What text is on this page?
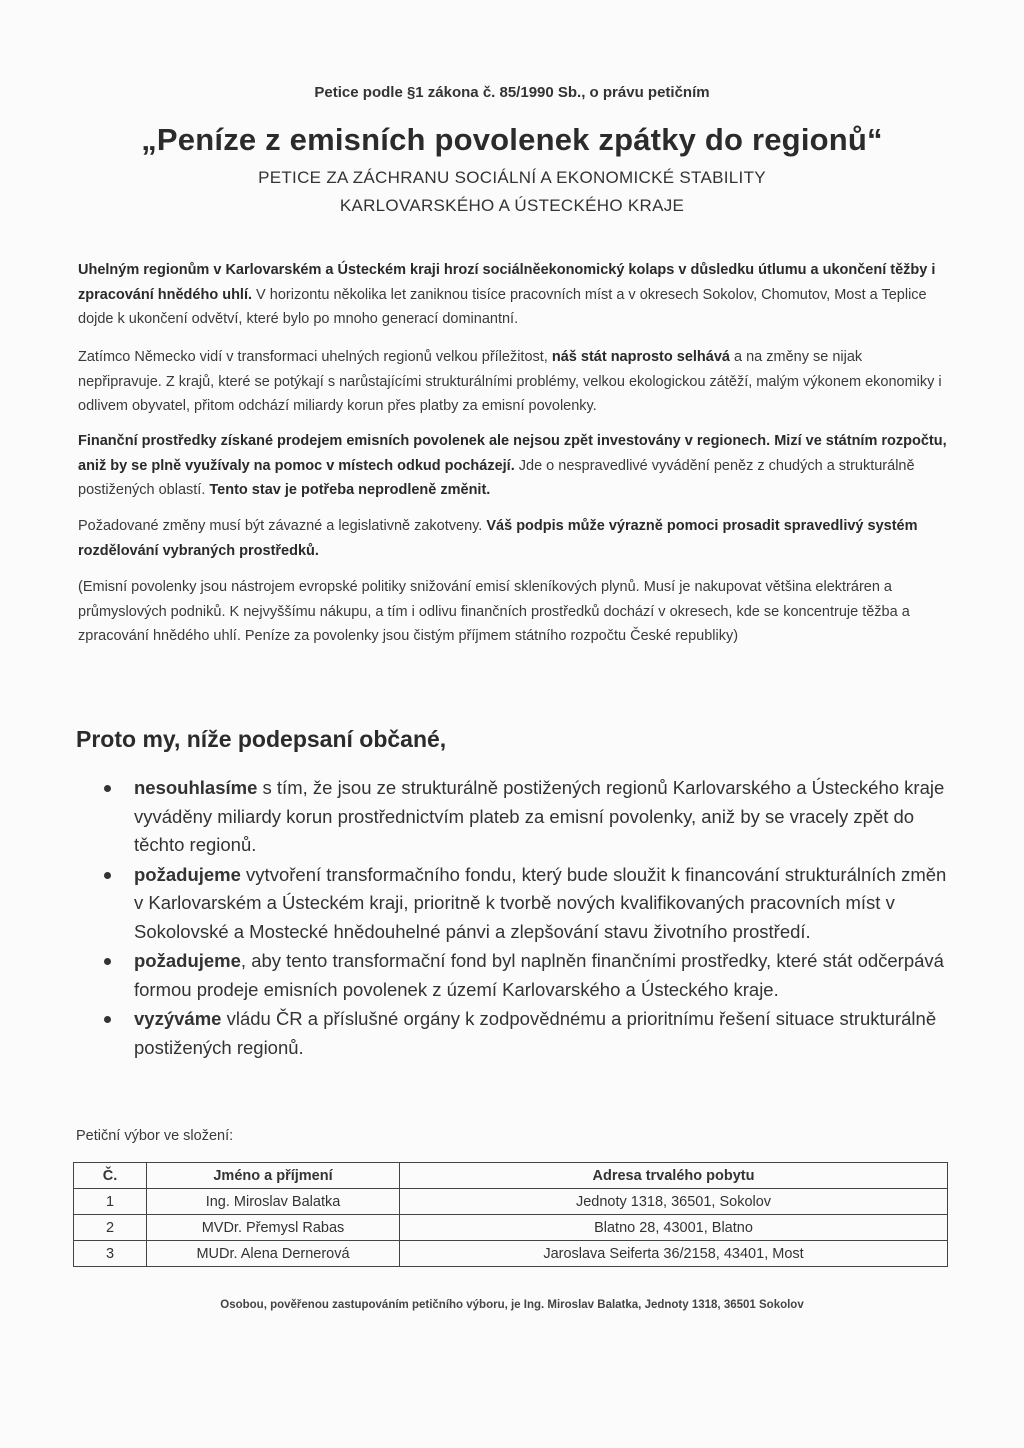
Petice podle §1 zákona č. 85/1990 Sb., o právu petičním
„Peníze z emisních povolenek zpátky do regionů“
PETICE ZA ZÁCHRANU SOCIÁLNÍ A EKONOMICKÉ STABILITY
KARLOVARSKÉHO A ÚSTECKÉHO KRAJE
Uhelným regionům v Karlovarském a Ústeckém kraji hrozí sociálněekonomický kolaps v důsledku útlumu a ukončení těžby i zpracování hnědého uhlí. V horizontu několika let zaniknou tisíce pracovních míst a v okresech Sokolov, Chomutov, Most a Teplice dojde k ukončení odvětví, které bylo po mnoho generací dominantní.
Zatímco Německo vidí v transformaci uhelných regionů velkou příležitost, náš stát naprosto selhává a na změny se nijak nepřipravuje. Z krajů, které se potýkají s narůstajícími strukturálními problémy, velkou ekologickou zátěží, malým výkonem ekonomiky i odlivem obyvatel, přitom odchází miliardy korun přes platby za emisní povolenky.
Finanční prostředky získané prodejem emisních povolenek ale nejsou zpět investovány v regionech. Mizí ve státním rozpočtu, aniž by se plně využívaly na pomoc v místech odkud pocházejí. Jde o nespravedlivé vyvádění peněz z chudých a strukturálně postižených oblastí. Tento stav je potřeba neprodleně změnit.
Požadované změny musí být závazné a legislativně zakotveny. Váš podpis může výrazně pomoci prosadit spravedlivý systém rozdělování vybraných prostředků.
(Emisní povolenky jsou nástrojem evropské politiky snižování emisí skleníkových plynů. Musí je nakupovat většina elektráren a průmyslových podniků. K nejvyššímu nákupu, a tím i odlivu finančních prostředků dochází v okresech, kde se koncentruje těžba a zpracování hnědého uhlí. Peníze za povolenky jsou čistým příjmem státního rozpočtu České republiky)
Proto my, níže podepsaní občané,
nesouhlasíme s tím, že jsou ze strukturálně postižených regionů Karlovarského a Ústeckého kraje vyváděny miliardy korun prostřednictvím plateb za emisní povolenky, aniž by se vracely zpět do těchto regionů.
požadujeme vytvoření transformačního fondu, který bude sloužit k financování strukturálních změn v Karlovarském a Ústeckém kraji, prioritně k tvorbě nových kvalifikovaných pracovních míst v Sokolovské a Mostecké hnědouhelné pánvi a zlepšování stavu životního prostředí.
požadujeme, aby tento transformační fond byl naplněn finančními prostředky, které stát odčerpává formou prodeje emisních povolenek z území Karlovarského a Ústeckého kraje.
vyzýváme vládu ČR a příslušné orgány k zodpovědnému a prioritnímu řešení situace strukturálně postižených regionů.
Petiční výbor ve složení:
Č.	Jméno a příjmení	Adresa trvalého pobytu
1	Ing. Miroslav Balatka	Jednoty 1318, 36501, Sokolov
2	MVDr. Přemysl Rabas	Blatno 28, 43001, Blatno
3	MUDr. Alena Dernerová	Jaroslava Seiferta 36/2158, 43401, Most
Osobou, pověřenou zastupováním petičního výboru, je Ing. Miroslav Balatka, Jednoty 1318, 36501 Sokolov
